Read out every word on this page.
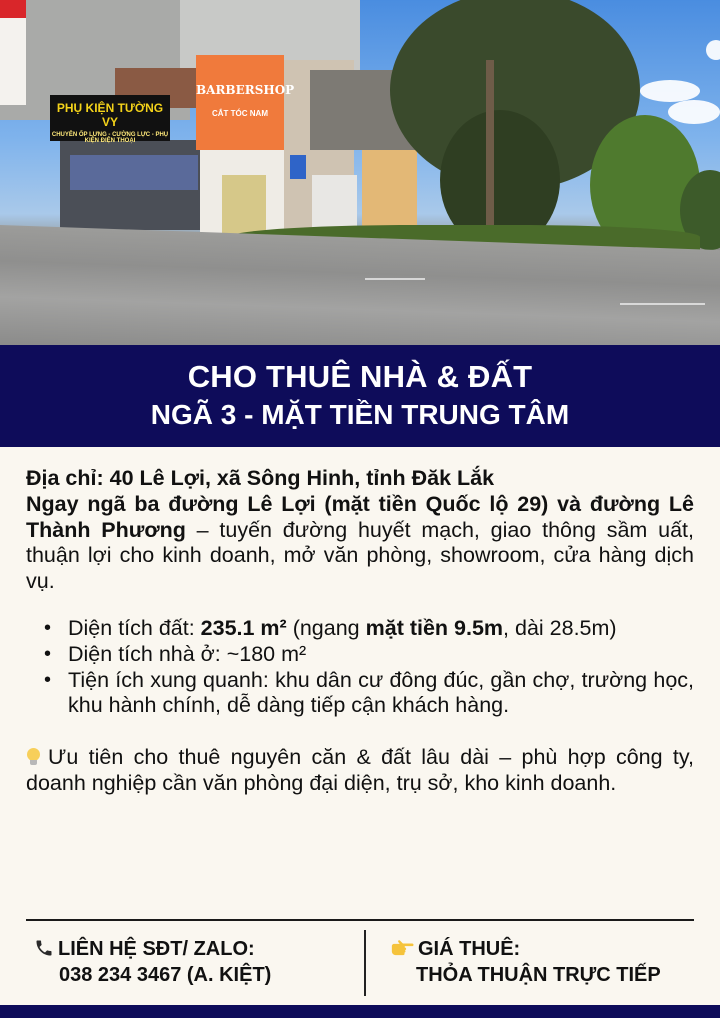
PHỤ KIỆN TƯỜNG VY
CHUYÊN ỐP LƯNG - CƯỜNG LỰC - PHỤ KIỆN ĐIỆN THOẠI
BARBERSHOP
CẮT TÓC NAM
CHO THUÊ NHÀ & ĐẤT
NGÃ 3 - MẶT TIỀN TRUNG TÂM
Địa chỉ: 40 Lê Lợi, xã Sông Hinh, tỉnh Đăk Lắk

Ngay ngã ba đường Lê Lợi (mặt tiền Quốc lộ 29) và đường Lê Thành Phương – tuyến đường huyết mạch, giao thông sầm uất, thuận lợi cho kinh doanh, mở văn phòng, showroom, cửa hàng dịch vụ.

• Diện tích đất: 235.1 m² (ngang mặt tiền 9.5m, dài 28.5m)
• Diện tích nhà ở: ~180 m²
• Tiện ích xung quanh: khu dân cư đông đúc, gần chợ, trường học, khu hành chính, dễ dàng tiếp cận khách hàng.
Ưu tiên cho thuê nguyên căn & đất lâu dài – phù hợp công ty, doanh nghiệp cần văn phòng đại diện, trụ sở, kho kinh doanh.
LIÊN HỆ SĐT/ ZALO:
038 234 3467 (A. KIỆT)
GIÁ THUÊ:
THỎA THUẬN TRỰC TIẾP
